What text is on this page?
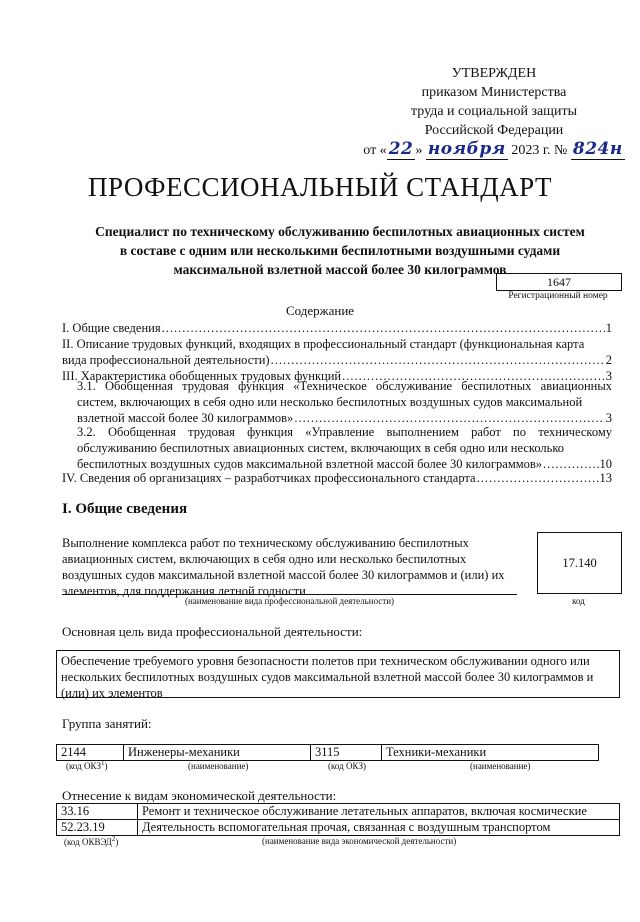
УТВЕРЖДЕН
приказом Министерства
труда и социальной защиты
Российской Федерации
от « 22 » ноября 2023 г. № 824н
ПРОФЕССИОНАЛЬНЫЙ СТАНДАРТ
Специалист по техническому обслуживанию беспилотных авиационных систем
в составе с одним или несколькими беспилотными воздушными судами
максимальной взлетной массой более 30 килограммов
1647
Регистрационный номер
Содержание
I. Общие сведения .....	1
II. Описание трудовых функций, входящих в профессиональный стандарт (функциональная карта
вида профессиональной деятельности) .....	2
III. Характеристика обобщенных трудовых функций .....	3
3.1. Обобщенная трудовая функция «Техническое обслуживание беспилотных авиационных систем, включающих в себя одно или несколько беспилотных воздушных судов максимальной
взлетной массой более 30 килограммов» .....	3
3.2. Обобщенная трудовая функция «Управление выполнением работ по техническому обслуживанию беспилотных авиационных систем, включающих в себя одно или несколько
беспилотных воздушных судов максимальной взлетной массой более 30 килограммов» .....	10
IV. Сведения об организациях – разработчиках профессионального стандарта .....	13
I. Общие сведения
Выполнение комплекса работ по техническому обслуживанию беспилотных авиационных систем, включающих в себя одно или несколько беспилотных воздушных судов максимальной взлетной массой более 30 килограммов и (или) их элементов, для поддержания летной годности
(наименование вида профессиональной деятельности)
17.140
код
Основная цель вида профессиональной деятельности:
Обеспечение требуемого уровня безопасности полетов при техническом обслуживании одного или нескольких беспилотных воздушных судов максимальной взлетной массой более 30 килограммов и (или) их элементов
Группа занятий:
2144	Инженеры-механики	3115	Техники-механики
(код ОКЗ$^1$)	(наименование)	(код ОКЗ)	(наименование)
Отнесение к видам экономической деятельности:
33.16	Ремонт и техническое обслуживание летательных аппаратов, включая космические
52.23.19	Деятельность вспомогательная прочая, связанная с воздушным транспортом
(код ОКВЭД$^2$)	(наименование вида экономической деятельности)
